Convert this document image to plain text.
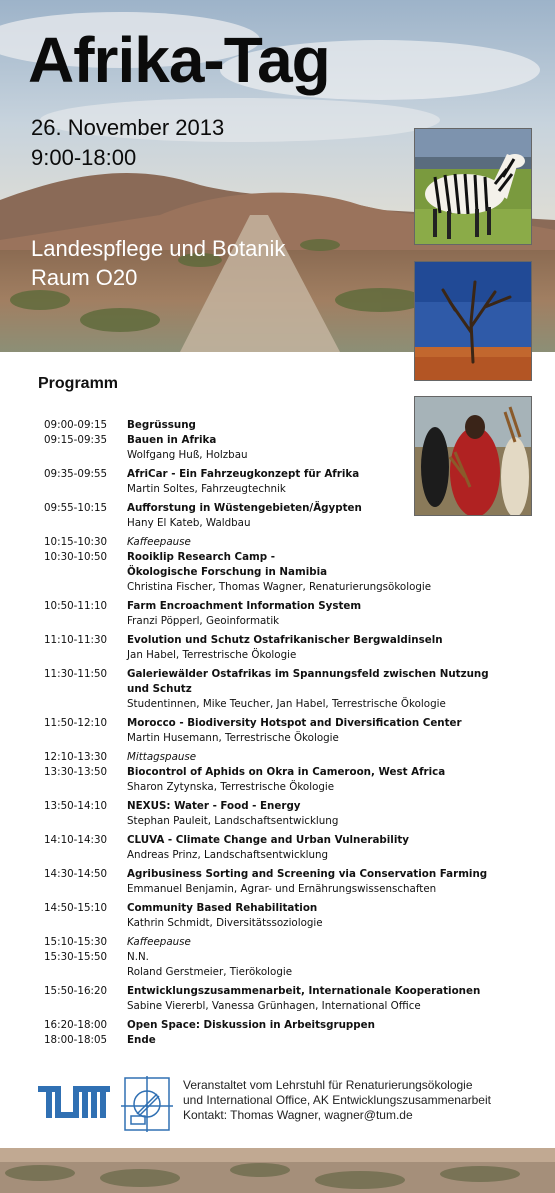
Afrika-Tag

26. November 2013

9:00-18:00

Landespflege und Botanik

Raum O20

Programm
09:00-09:15	Begrüssung
09:15-09:35	Bauen in Afrika
Wolfgang Huß, Holzbau
09:35-09:55	AfriCar - Ein Fahrzeugkonzept für Afrika
Martin Soltes, Fahrzeugtechnik
09:55-10:15	Aufforstung in Wüstengebieten/Ägypten
Hany El Kateb, Waldbau
10:15-10:30	Kaffeepause
10:30-10:50	Rooiklip Research Camp -
Ökologische Forschung in Namibia
Christina Fischer, Thomas Wagner, Renaturierungsökologie
10:50-11:10	Farm Encroachment Information System
Franzi Pöpperl, Geoinformatik
11:10-11:30	Evolution und Schutz Ostafrikanischer Bergwaldinseln
Jan Habel, Terrestrische Ökologie
11:30-11:50	Galeriewälder Ostafrikas im Spannungsfeld zwischen Nutzung
und Schutz
Studentinnen, Mike Teucher, Jan Habel, Terrestrische Ökologie
11:50-12:10	Morocco - Biodiversity Hotspot and Diversification Center
Martin Husemann, Terrestrische Ökologie
12:10-13:30	Mittagspause
13:30-13:50	Biocontrol of Aphids on Okra in Cameroon, West Africa
Sharon Zytynska, Terrestrische Ökologie
13:50-14:10	NEXUS: Water - Food - Energy
Stephan Pauleit, Landschaftsentwicklung
14:10-14:30	CLUVA - Climate Change and Urban Vulnerability
Andreas Prinz, Landschaftsentwicklung
14:30-14:50	Agribusiness Sorting and Screening via Conservation Farming
Emmanuel Benjamin, Agrar- und Ernährungswissenschaften
14:50-15:10	Community Based Rehabilitation
Kathrin Schmidt, Diversitätssoziologie
15:10-15:30	Kaffeepause
15:30-15:50	N.N.
Roland Gerstmeier, Tierökologie
15:50-16:20	Entwicklungszusammenarbeit, Internationale Kooperationen
Sabine Viererbl, Vanessa Grünhagen, International Office
16:20-18:00	Open Space: Diskussion in Arbeitsgruppen
18:00-18:05	Ende
Veranstaltet vom Lehrstuhl für Renaturierungsökologie
und International Office, AK Entwicklungszusammenarbeit
Kontakt: Thomas Wagner, wagner@tum.de
